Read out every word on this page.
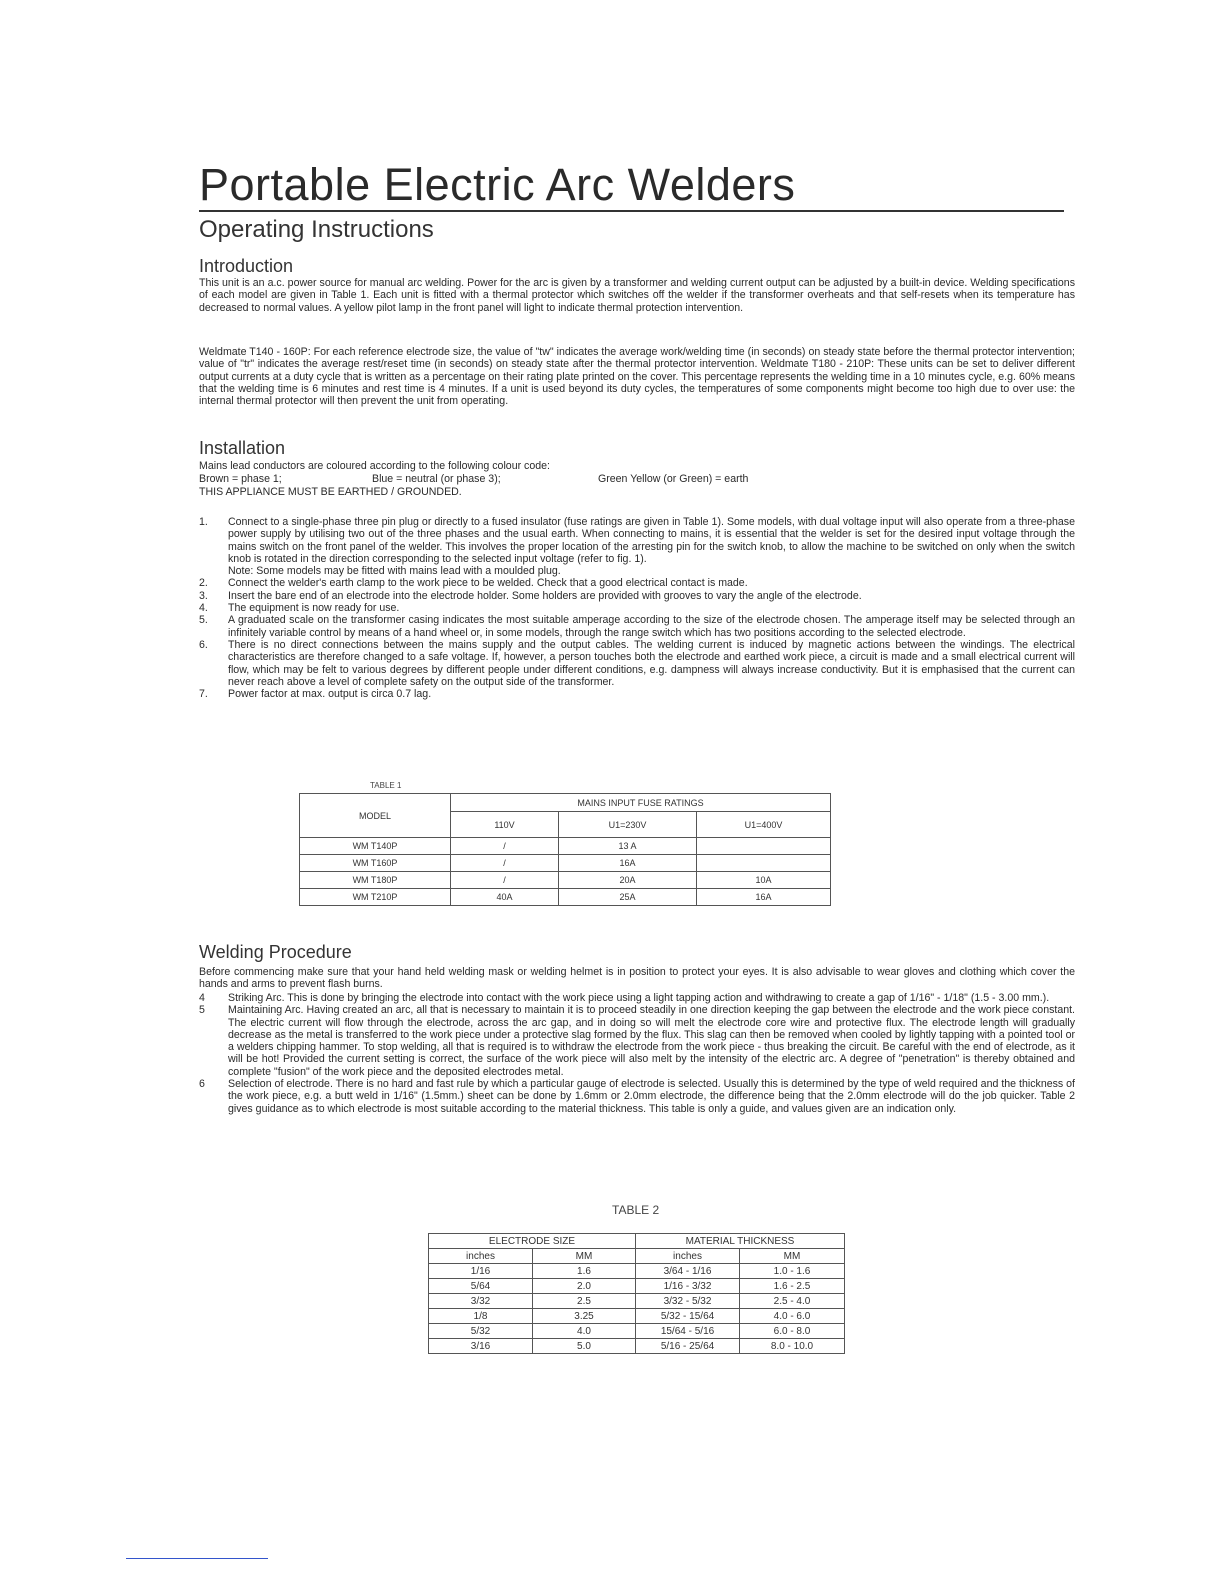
Portable Electric Arc Welders
Operating Instructions
Introduction

This unit is an a.c. power source for manual arc welding. Power for the arc is given by a transformer and welding current output can be adjusted by a built-in device. Welding specifications of each model are given in Table 1. Each unit is fitted with a thermal protector which switches off the welder if the transformer overheats and that self-resets when its temperature has decreased to normal values. A yellow pilot lamp in the front panel will light to indicate thermal protection intervention.

Weldmate T140 - 160P: For each reference electrode size, the value of "tw" indicates the average work/welding time (in seconds) on steady state before the thermal protector intervention; value of "tr" indicates the average rest/reset time (in seconds) on steady state after the thermal protector intervention. Weldmate T180 - 210P: These units can be set to deliver different output currents at a duty cycle that is written as a percentage on their rating plate printed on the cover. This percentage represents the welding time in a 10 minutes cycle, e.g. 60% means that the welding time is 6 minutes and rest time is 4 minutes. If a unit is used beyond its duty cycles, the temperatures of some components might become too high due to over use: the internal thermal protector will then prevent the unit from operating.

Installation
Mains lead conductors are coloured according to the following colour code:
Brown = phase 1;	Blue = neutral (or phase 3);	Green Yellow (or Green) = earth
THIS APPLIANCE MUST BE EARTHED / GROUNDED.
1. Connect to a single-phase three pin plug or directly to a fused insulator (fuse ratings are given in Table 1). Some models, with dual voltage input will also operate from a three-phase power supply by utilising two out of the three phases and the usual earth. When connecting to mains, it is essential that the welder is set for the desired input voltage through the mains switch on the front panel of the welder. This involves the proper location of the arresting pin for the switch knob, to allow the machine to be switched on only when the switch knob is rotated in the direction corresponding to the selected input voltage (refer to fig. 1).
Note: Some models may be fitted with mains lead with a moulded plug.
2. Connect the welder's earth clamp to the work piece to be welded. Check that a good electrical contact is made.
3. Insert the bare end of an electrode into the electrode holder. Some holders are provided with grooves to vary the angle of the electrode.
4. The equipment is now ready for use.
5. A graduated scale on the transformer casing indicates the most suitable amperage according to the size of the electrode chosen. The amperage itself may be selected through an infinitely variable control by means of a hand wheel or, in some models, through the range switch which has two positions according to the selected electrode.
6. There is no direct connections between the mains supply and the output cables. The welding current is induced by magnetic actions between the windings. The electrical characteristics are therefore changed to a safe voltage. If, however, a person touches both the electrode and earthed work piece, a circuit is made and a small electrical current will flow, which may be felt to various degrees by different people under different conditions, e.g. dampness will always increase conductivity. But it is emphasised that the current can never reach above a level of complete safety on the output side of the transformer.
7. Power factor at max. output is circa 0.7 lag.
TABLE 1
MODEL	MAINS INPUT FUSE RATINGS		
	110V	U1=230V	U1=400V
WM T140P	/	13 A	
WM T160P	/	16A	
WM T180P	/	20A	10A
WM T210P	40A	25A	16A
Welding Procedure

Before commencing make sure that your hand held welding mask or welding helmet is in position to protect your eyes. It is also advisable to wear gloves and clothing which cover the hands and arms to prevent flash burns.

4 Striking Arc. This is done by bringing the electrode into contact with the work piece using a light tapping action and withdrawing to create a gap of 1/16" - 1/18" (1.5 - 3.00 mm.).
5 Maintaining Arc. Having created an arc, all that is necessary to maintain it is to proceed steadily in one direction keeping the gap between the electrode and the work piece constant. The electric current will flow through the electrode, across the arc gap, and in doing so will melt the electrode core wire and protective flux. The electrode length will gradually decrease as the metal is transferred to the work piece under a protective slag formed by the flux. This slag can then be removed when cooled by lightly tapping with a pointed tool or a welders chipping hammer. To stop welding, all that is required is to withdraw the electrode from the work piece - thus breaking the circuit. Be careful with the end of electrode, as it will be hot! Provided the current setting is correct, the surface of the work piece will also melt by the intensity of the electric arc. A degree of "penetration" is thereby obtained and complete "fusion" of the work piece and the deposited electrodes metal.
6 Selection of electrode. There is no hard and fast rule by which a particular gauge of electrode is selected. Usually this is determined by the type of weld required and the thickness of the work piece, e.g. a butt weld in 1/16" (1.5mm.) sheet can be done by 1.6mm or 2.0mm electrode, the difference being that the 2.0mm electrode will do the job quicker. Table 2 gives guidance as to which electrode is most suitable according to the material thickness. This table is only a guide, and values given are an indication only.
TABLE 2
ELECTRODE SIZE		MATERIAL THICKNESS	
inches	MM	inches	MM
1/16	1.6	3/64 - 1/16	1.0 - 1.6
5/64	2.0	1/16 - 3/32	1.6 - 2.5
3/32	2.5	3/32 - 5/32	2.5 - 4.0
1/8	3.25	5/32 - 15/64	4.0 - 6.0
5/32	4.0	15/64 - 5/16	6.0 - 8.0
3/16	5.0	5/16 - 25/64	8.0 - 10.0
